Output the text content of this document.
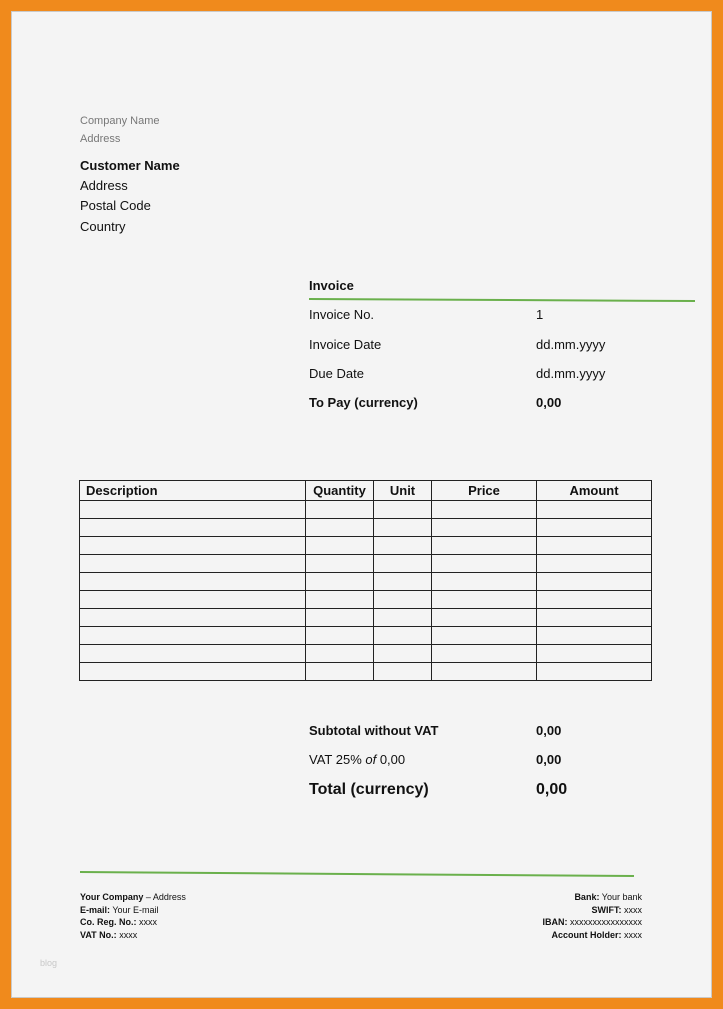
Company Name
Address
Customer Name
Address
Postal Code
Country
Invoice
Invoice No.	1
Invoice Date	dd.mm.yyyy
Due Date	dd.mm.yyyy
To Pay (currency)	0,00
Description	Quantity	Unit	Price	Amount

Subtotal without VAT	0,00
VAT 25% of 0,00	0,00
Total (currency)	0,00
Your Company – Address
E-mail: Your E-mail
Co. Reg. No.: xxxx
VAT No.: xxxx
Bank: Your bank
SWIFT: xxxx
IBAN: xxxxxxxxxxxxxxxx
Account Holder: xxxx
blog
